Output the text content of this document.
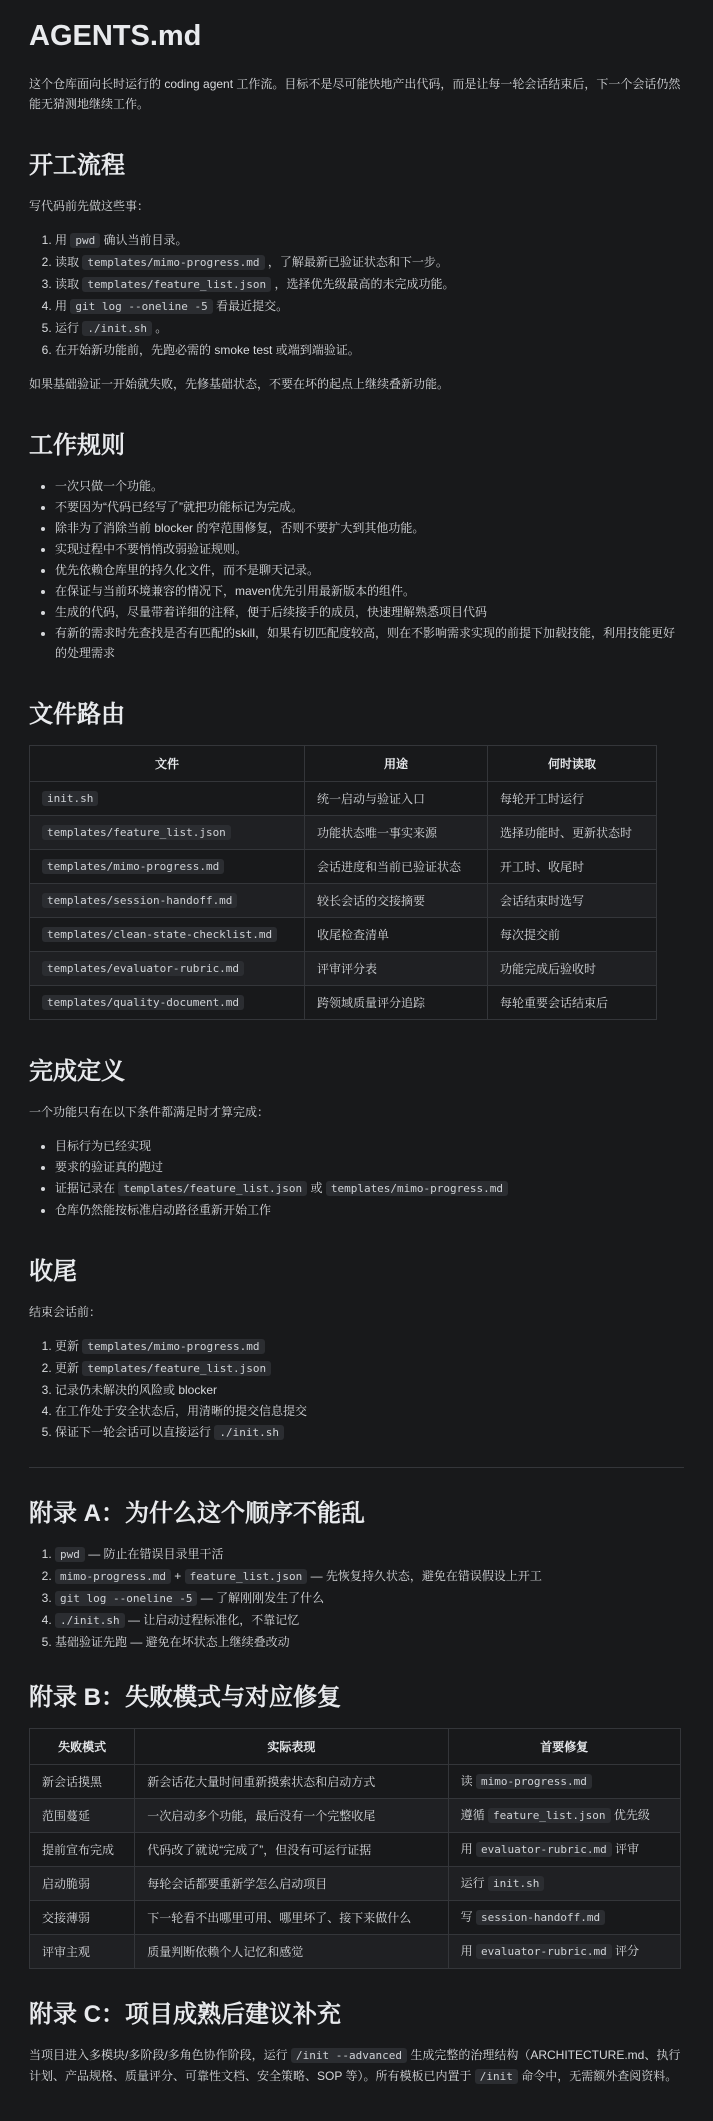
AGENTS.md

这个仓库面向长时运行的 coding agent 工作流。目标不是尽可能快地产出代码，而是让每一轮会话结束后，下一个会话仍然能无猜测地继续工作。

开工流程

写代码前先做这些事：

1. 用 pwd 确认当前目录。
2. 读取 templates/mimo-progress.md ，了解最新已验证状态和下一步。
3. 读取 templates/feature_list.json ，选择优先级最高的未完成功能。
4. 用 git log --oneline -5 看最近提交。
5. 运行 ./init.sh 。
6. 在开始新功能前，先跑必需的 smoke test 或端到端验证。

如果基础验证一开始就失败，先修基础状态，不要在坏的起点上继续叠新功能。

工作规则
• 一次只做一个功能。
• 不要因为“代码已经写了”就把功能标记为完成。
• 除非为了消除当前 blocker 的窄范围修复，否则不要扩大到其他功能。
• 实现过程中不要悄悄改弱验证规则。
• 优先依赖仓库里的持久化文件，而不是聊天记录。
• 在保证与当前环境兼容的情况下，maven优先引用最新版本的组件。
• 生成的代码，尽量带着详细的注释，便于后续接手的成员，快速理解熟悉项目代码
• 有新的需求时先查找是否有匹配的skill，如果有切匹配度较高，则在不影响需求实现的前提下加载技能，利用技能更好的处理需求
文件路由
文件	用途	何时读取
init.sh	统一启动与验证入口	每轮开工时运行
templates/feature_list.json	功能状态唯一事实来源	选择功能时、更新状态时
templates/mimo-progress.md	会话进度和当前已验证状态	开工时、收尾时
templates/session-handoff.md	较长会话的交接摘要	会话结束时选写
templates/clean-state-checklist.md	收尾检查清单	每次提交前
templates/evaluator-rubric.md	评审评分表	功能完成后验收时
templates/quality-document.md	跨领域质量评分追踪	每轮重要会话结束后
完成定义

一个功能只有在以下条件都满足时才算完成：

• 目标行为已经实现
• 要求的验证真的跑过
• 证据记录在 templates/feature_list.json 或 templates/mimo-progress.md
• 仓库仍然能按标准启动路径重新开始工作
收尾

结束会话前：

1. 更新 templates/mimo-progress.md
2. 更新 templates/feature_list.json
3. 记录仍未解决的风险或 blocker
4. 在工作处于安全状态后，用清晰的提交信息提交
5. 保证下一轮会话可以直接运行 ./init.sh
附录 A：为什么这个顺序不能乱
1. pwd — 防止在错误目录里干活
2. mimo-progress.md + feature_list.json — 先恢复持久状态，避免在错误假设上开工
3. git log --oneline -5 — 了解刚刚发生了什么
4. ./init.sh — 让启动过程标准化，不靠记忆
5. 基础验证先跑 — 避免在坏状态上继续叠改动
附录 B：失败模式与对应修复
失败模式	实际表现	首要修复
新会话摸黑	新会话花大量时间重新摸索状态和启动方式	读 mimo-progress.md
范围蔓延	一次启动多个功能，最后没有一个完整收尾	遵循 feature_list.json 优先级
提前宣布完成	代码改了就说“完成了”，但没有可运行证据	用 evaluator-rubric.md 评审
启动脆弱	每轮会话都要重新学怎么启动项目	运行 init.sh
交接薄弱	下一轮看不出哪里可用、哪里坏了、接下来做什么	写 session-handoff.md
评审主观	质量判断依赖个人记忆和感觉	用 evaluator-rubric.md 评分
附录 C：项目成熟后建议补充

当项目进入多模块/多阶段/多角色协作阶段，运行 /init --advanced 生成完整的治理结构（ARCHITECTURE.md、执行计划、产品规格、质量评分、可靠性文档、安全策略、SOP 等）。所有模板已内置于 /init 命令中，无需额外查阅资料。
